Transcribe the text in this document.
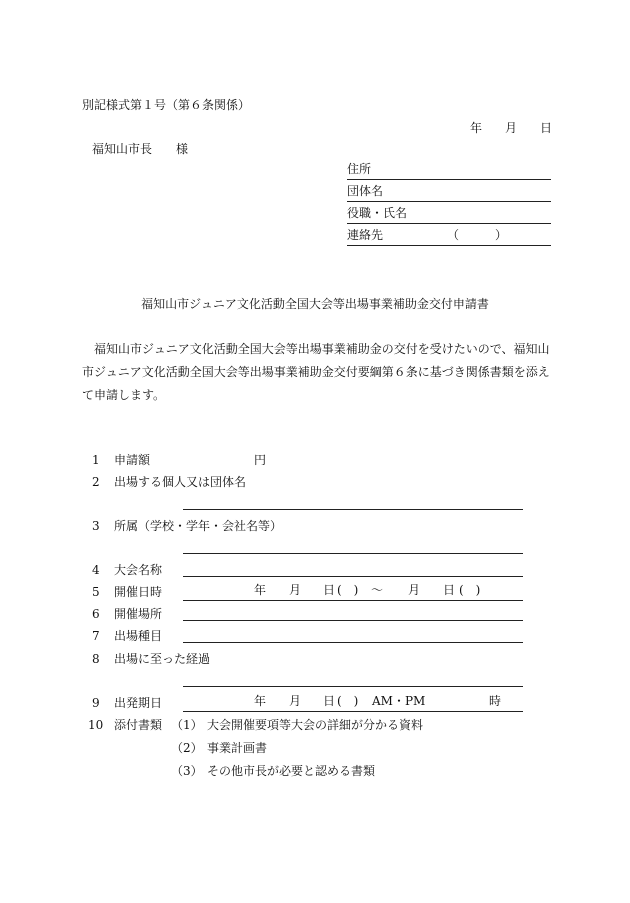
別記様式第１号（第６条関係）
年 月 日
福知山市長　　様
住所
団体名
役職・氏名
連絡先	（　　　）
福知山市ジュニア文化活動全国大会等出場事業補助金交付申請書
　福知山市ジュニア文化活動全国大会等出場事業補助金の交付を受けたいので、福知山
市ジュニア文化活動全国大会等出場事業補助金交付要綱第６条に基づき関係書類を添え
て申請します。
1 申請額	円
2 出場する個人又は団体名
3 所属（学校・学年・会社名等）
4 大会名称
5 開催日時	年 月 日 (　) 〜 月 日 (　)
6 開催場所
7 出場種目
8 出場に至った経過
9 出発期日	年 月 日 (　) AM・PM	時
10 添付書類 （1） 大会開催要項等大会の詳細が分かる資料
（2） 事業計画書
（3） その他市長が必要と認める書類
